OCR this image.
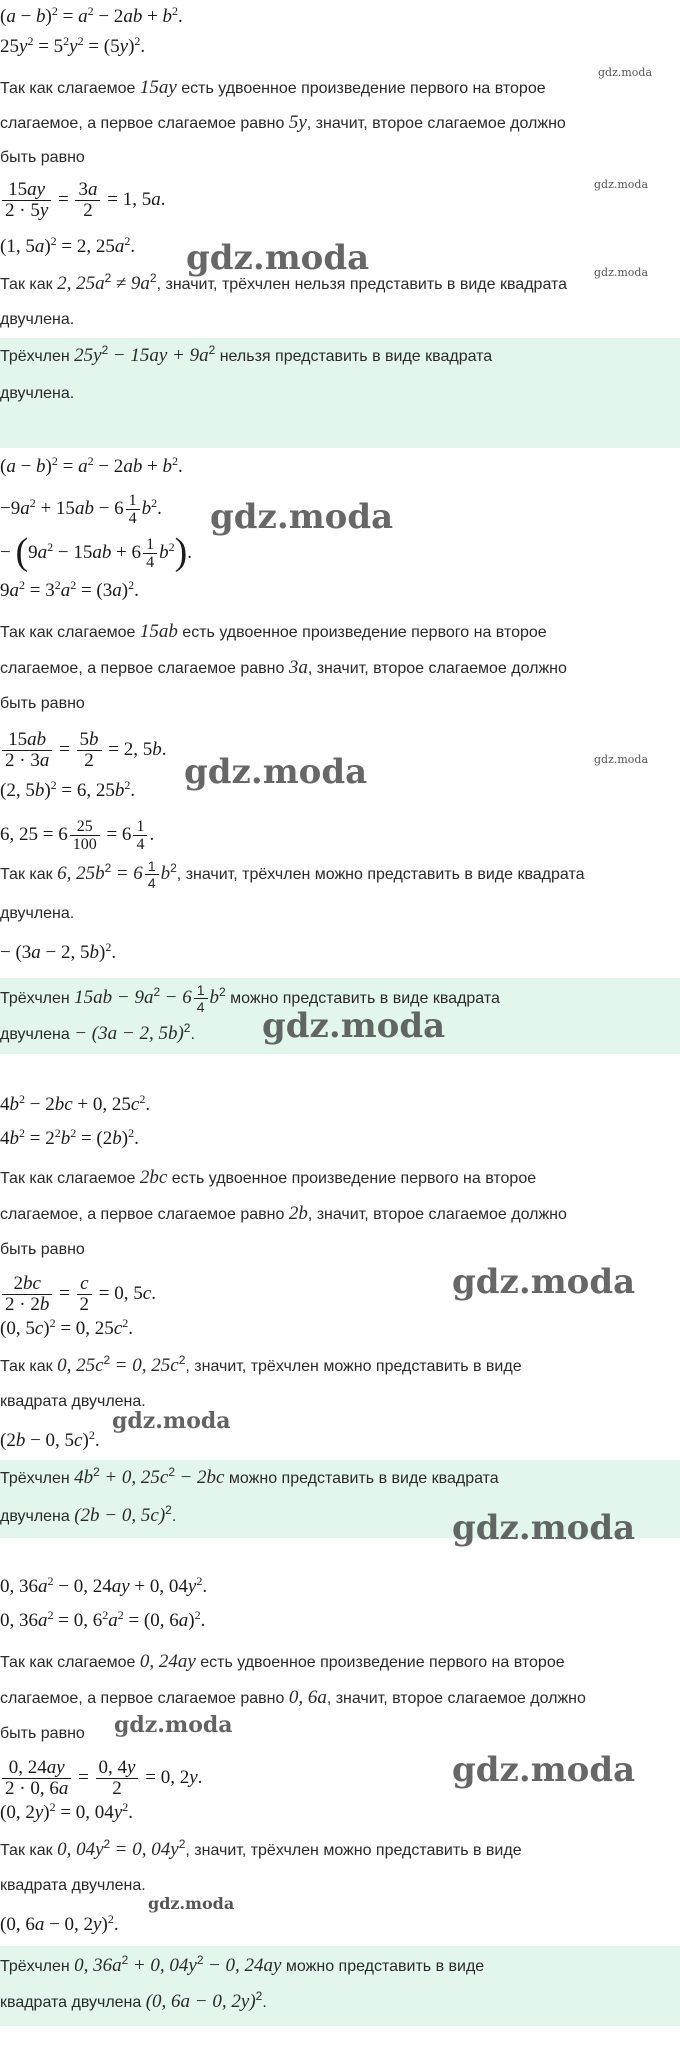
$(a - b)^2 = a^2 - 2ab + b^2$.
$25y^2 = 5^2y^2 = (5y)^2$.
gdz.moda
Так как слагаемое 15ay есть удвоенное произведение первого на второе
слагаемое, а первое слагаемое равно 5y, значит, второе слагаемое должно
быть равно
gdz.moda
$\frac{15ay}{2 \cdot 5y} = \frac{3a}{2} = 1$, 5a.
(1, 5a)$^2$ = 2, $25a^2$. gdz.moda	gdz.moda
Так как 2, $25a^2 \ne 9a^2$, значит, трёхчлен нельзя представить в виде квадрата
двучлена.
Трёхчлен $25y^2 - 15ay + 9a^2$ нельзя представить в виде квадрата
двучлена.
$(a - b)^2 = a^2 - 2ab + b^2$.
$-9a^2 + 15ab - 6 \frac{1}{4} b^2$. gdz.moda
− $(9a^2 - 15ab + 6 \frac{1}{4} b^2)$.
$9a^2 = 3^2a^2 = (3a)^2$.
Так как слагаемое 15ab есть удвоенное произведение первого на второе
слагаемое, а первое слагаемое равно 3a, значит, второе слагаемое должно
быть равно
$\frac{15ab}{2 \cdot 3a} = \frac{5b}{2} = 2$, 5b.	gdz.moda
gdz.moda
(2, 5b)$^2$ = 6, $25b^2$.
6, $25 = 6 \frac{25}{100} = 6 \frac{1}{4}$ .
Так как 6, $25b^2 = 6 \frac{1}{4} b^2$, значит, трёхчлен можно представить в виде квадрата
двучлена.
− (3a − 2, 5b)$^2$.
Трёхчлен $15ab - 9a^2 - 6 \frac{1}{4} b^2$ можно представить в виде квадрата
двучлена − (3a − 2, 5b)$^2$. gdz.moda
$4b^2 - 2bc + 0$, $25c^2$.
$4b^2 = 2^2b^2 = (2b)^2$.
Так как слагаемое 2bc есть удвоенное произведение первого на второе
слагаемое, а первое слагаемое равно 2b, значит, второе слагаемое должно
быть равно
$\frac{2bc}{2 \cdot 2b} = \frac{c}{2} = 0$, 5c.	gdz.moda
(0, 5c)$^2$ = 0, $25c^2$.
Так как 0, $25c^2 = 0$, $25c^2$, значит, трёхчлен можно представить в виде
квадрата двучлена.
gdz.moda
(2b − 0, 5c)$^2$.
Трёхчлен $4b^2 + 0$, $25c^2 - 2bc$ можно представить в виде квадрата
двучлена (2b − 0, 5c)$^2$.	gdz.moda
0, $36a^2 - 0$, 24ay + 0, $04y^2$.
0, $36a^2 = 0$, $6^2a^2 = (0$, 6a)$^2$.
Так как слагаемое 0, 24ay есть удвоенное произведение первого на второе
слагаемое, а первое слагаемое равно 0, 6a, значит, второе слагаемое должно
быть равно gdz.moda
$\frac{0, 24ay}{2 \cdot 0, 6a} = \frac{0, 4y}{2} = 0$, 2y.	gdz.moda
(0, 2y)$^2$ = 0, $04y^2$.
Так как 0, $04y^2 = 0$, $04y^2$, значит, трёхчлен можно представить в виде
квадрата двучлена.
gdz.moda
(0, 6a − 0, 2y)$^2$.
Трёхчлен 0, $36a^2 + 0$, $04y^2 - 0$, 24ay можно представить в виде
квадрата двучлена (0, 6a − 0, 2y)$^2$.
